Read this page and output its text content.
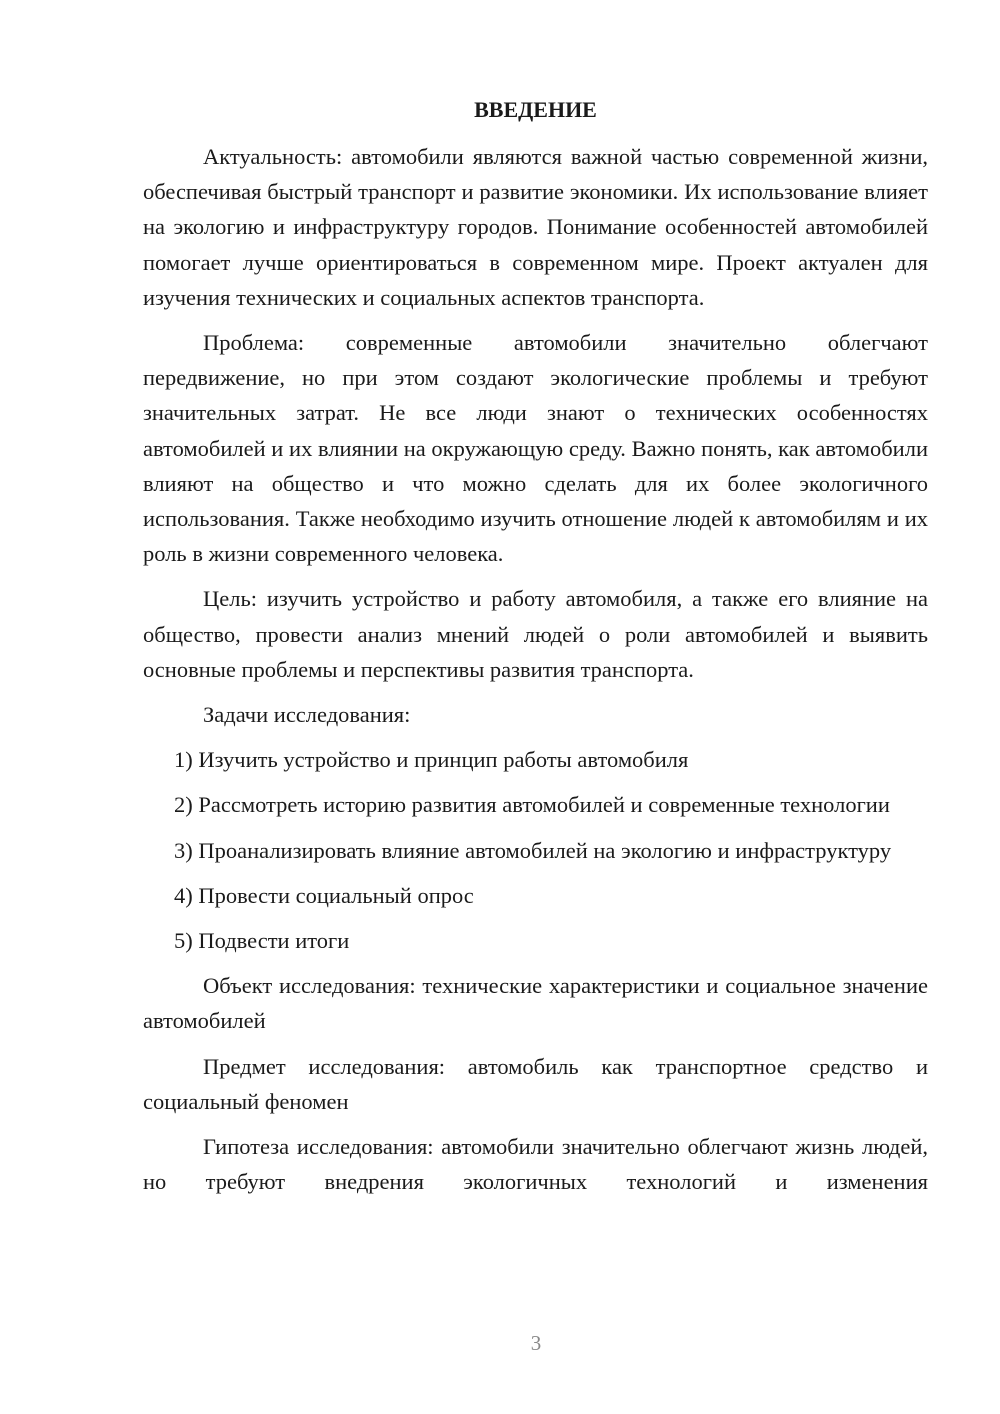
ВВЕДЕНИЕ

Актуальность: автомобили являются важной частью современной жизни, обеспечивая быстрый транспорт и развитие экономики. Их использование влияет на экологию и инфраструктуру городов. Понимание особенностей автомобилей помогает лучше ориентироваться в современном мире. Проект актуален для изучения технических и социальных аспектов транспорта.

Проблема: современные автомобили значительно облегчают передвижение, но при этом создают экологические проблемы и требуют значительных затрат. Не все люди знают о технических особенностях автомобилей и их влиянии на окружающую среду. Важно понять, как автомобили влияют на общество и что можно сделать для их более экологичного использования. Также необходимо изучить отношение людей к автомобилям и их роль в жизни современного человека.

Цель: изучить устройство и работу автомобиля, а также его влияние на общество, провести анализ мнений людей о роли автомобилей и выявить основные проблемы и перспективы развития транспорта.

Задачи исследования:

1) Изучить устройство и принцип работы автомобиля

2) Рассмотреть историю развития автомобилей и современные технологии

3) Проанализировать влияние автомобилей на экологию и инфраструктуру

4) Провести социальный опрос

5) Подвести итоги

Объект исследования: технические характеристики и социальное значение автомобилей

Предмет исследования: автомобиль как транспортное средство и социальный феномен

Гипотеза исследования: автомобили значительно облегчают жизнь людей, но требуют внедрения экологичных технологий и изменения

3
